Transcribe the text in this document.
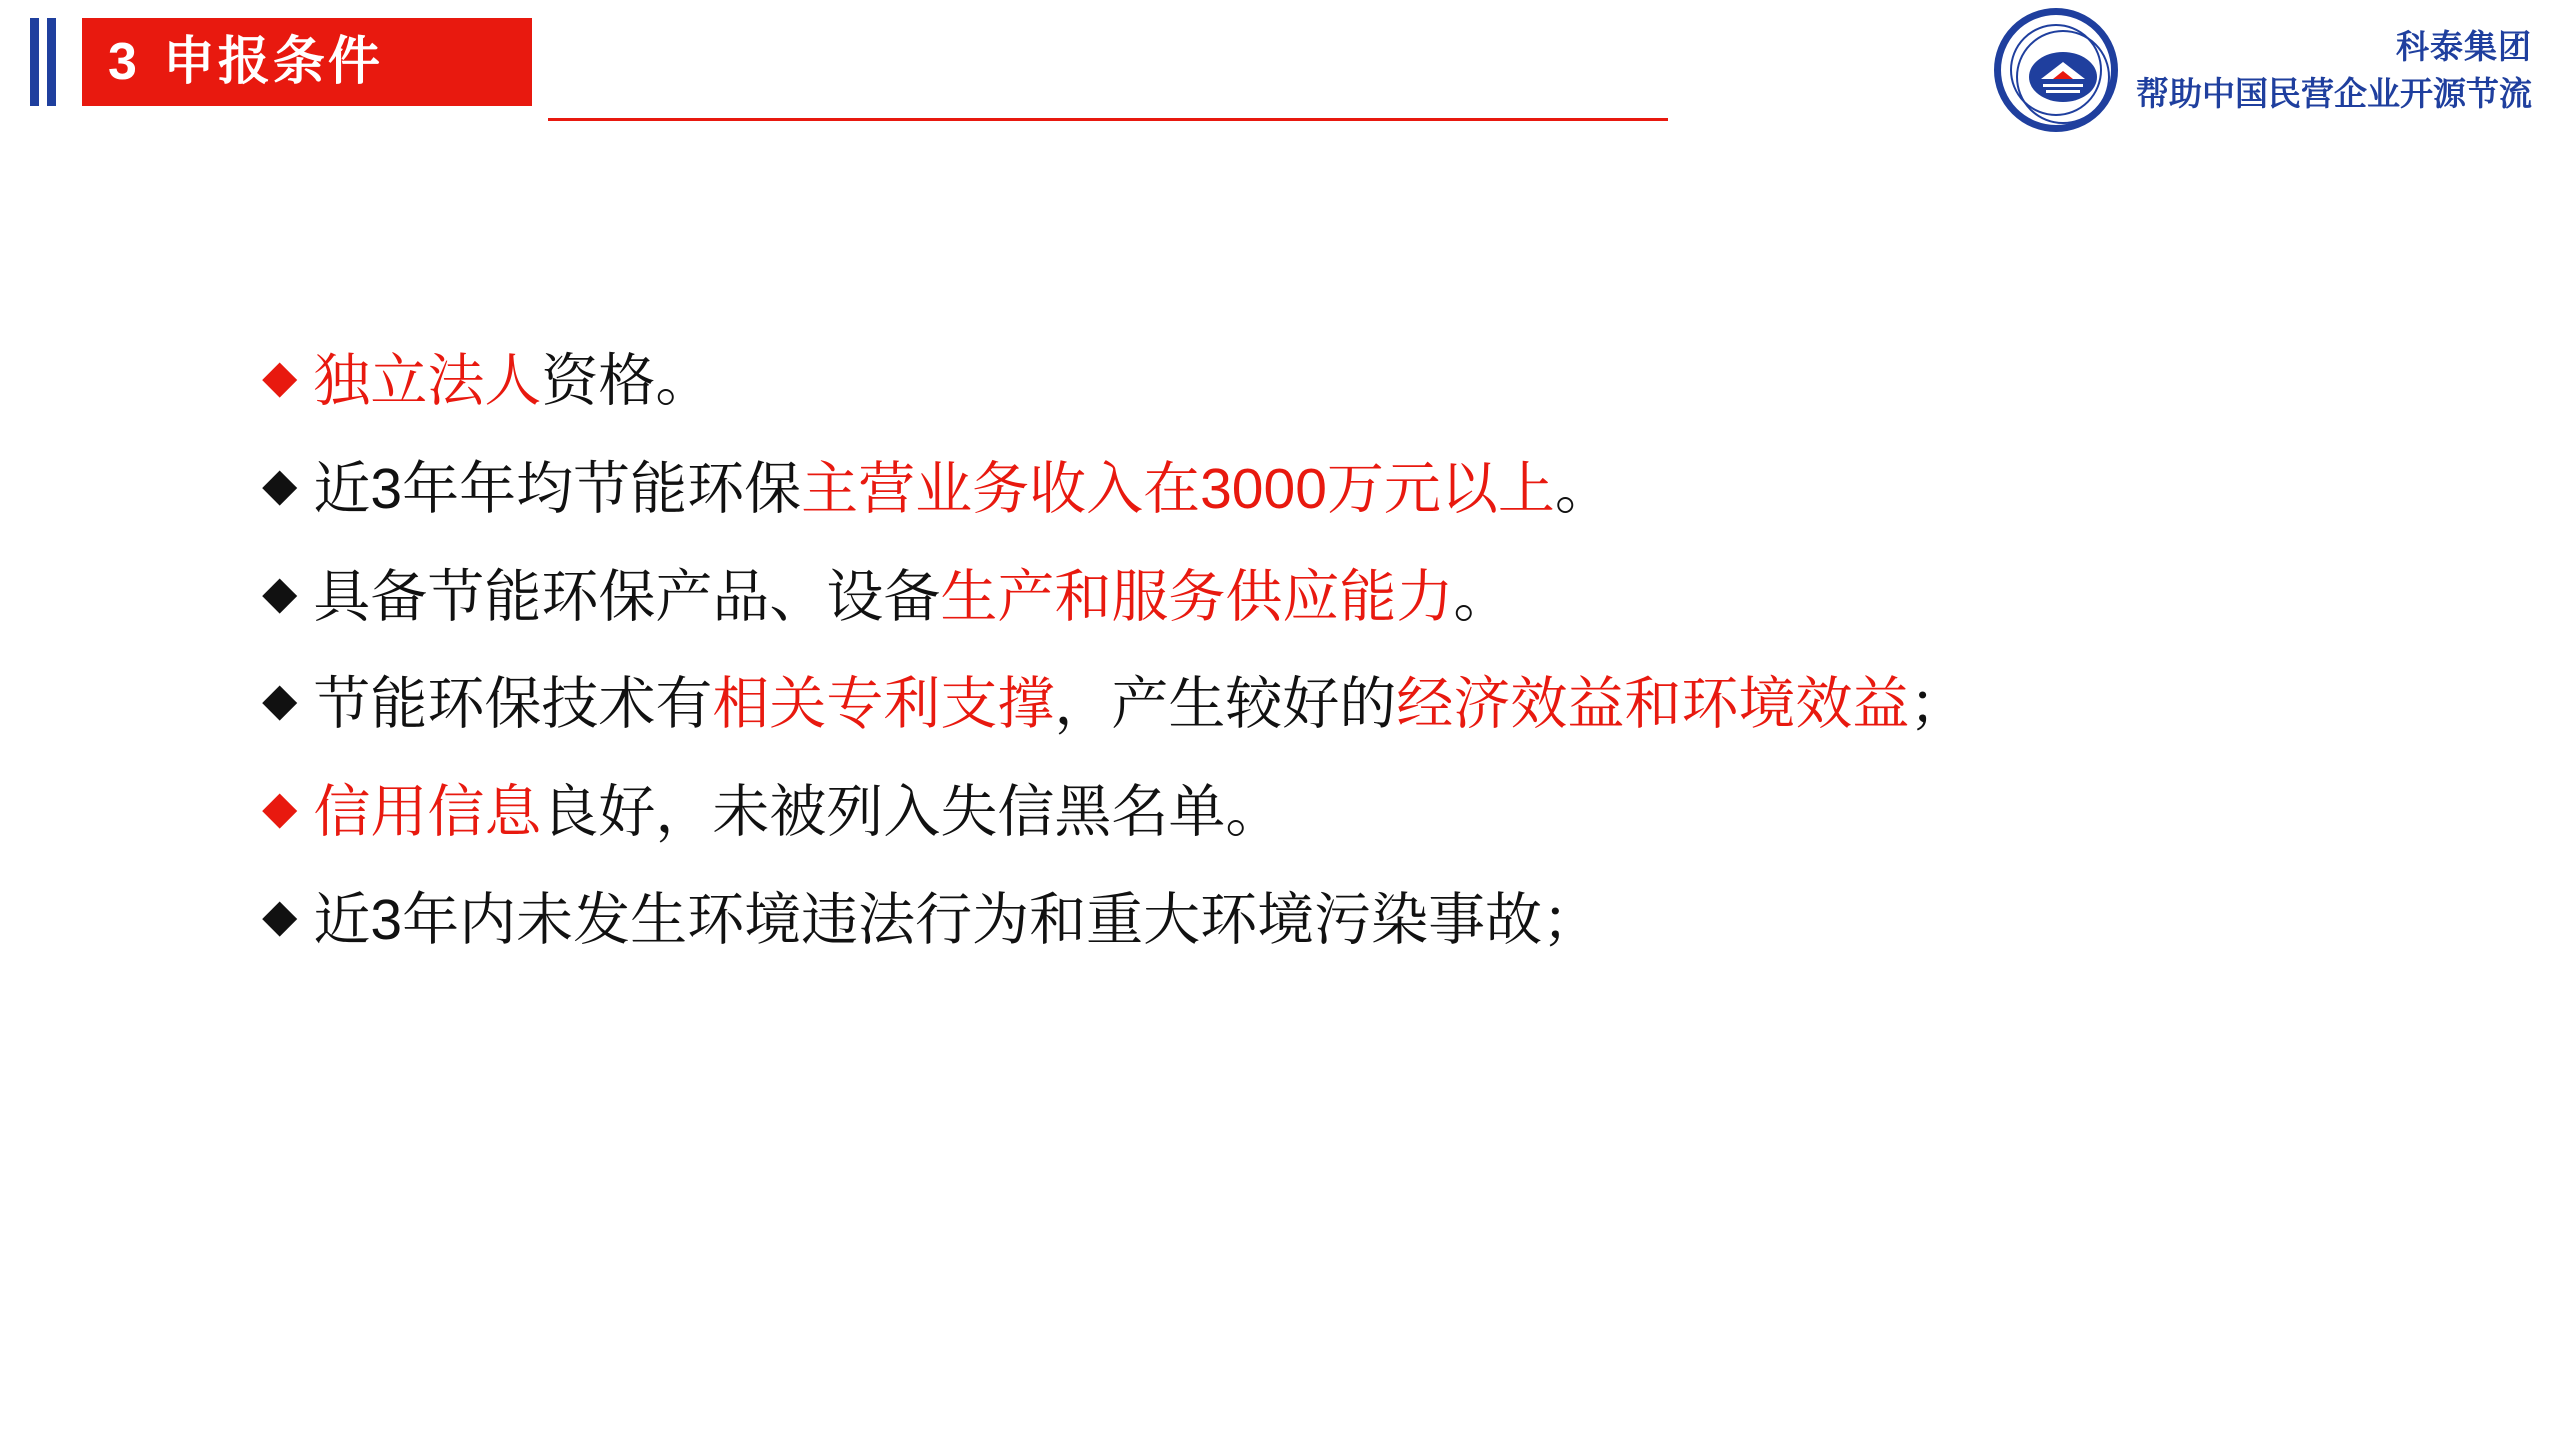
3 申报条件	科泰集团
帮助中国民营企业开源节流
◆ 独立法人资格。
◆ 近3年年均节能环保主营业务收入在3000万元以上。
◆ 具备节能环保产品、设备生产和服务供应能力。
◆ 节能环保技术有相关专利支撑，产生较好的经济效益和环境效益；
◆ 信用信息良好，未被列入失信黑名单。
◆ 近3年内未发生环境违法行为和重大环境污染事故；
